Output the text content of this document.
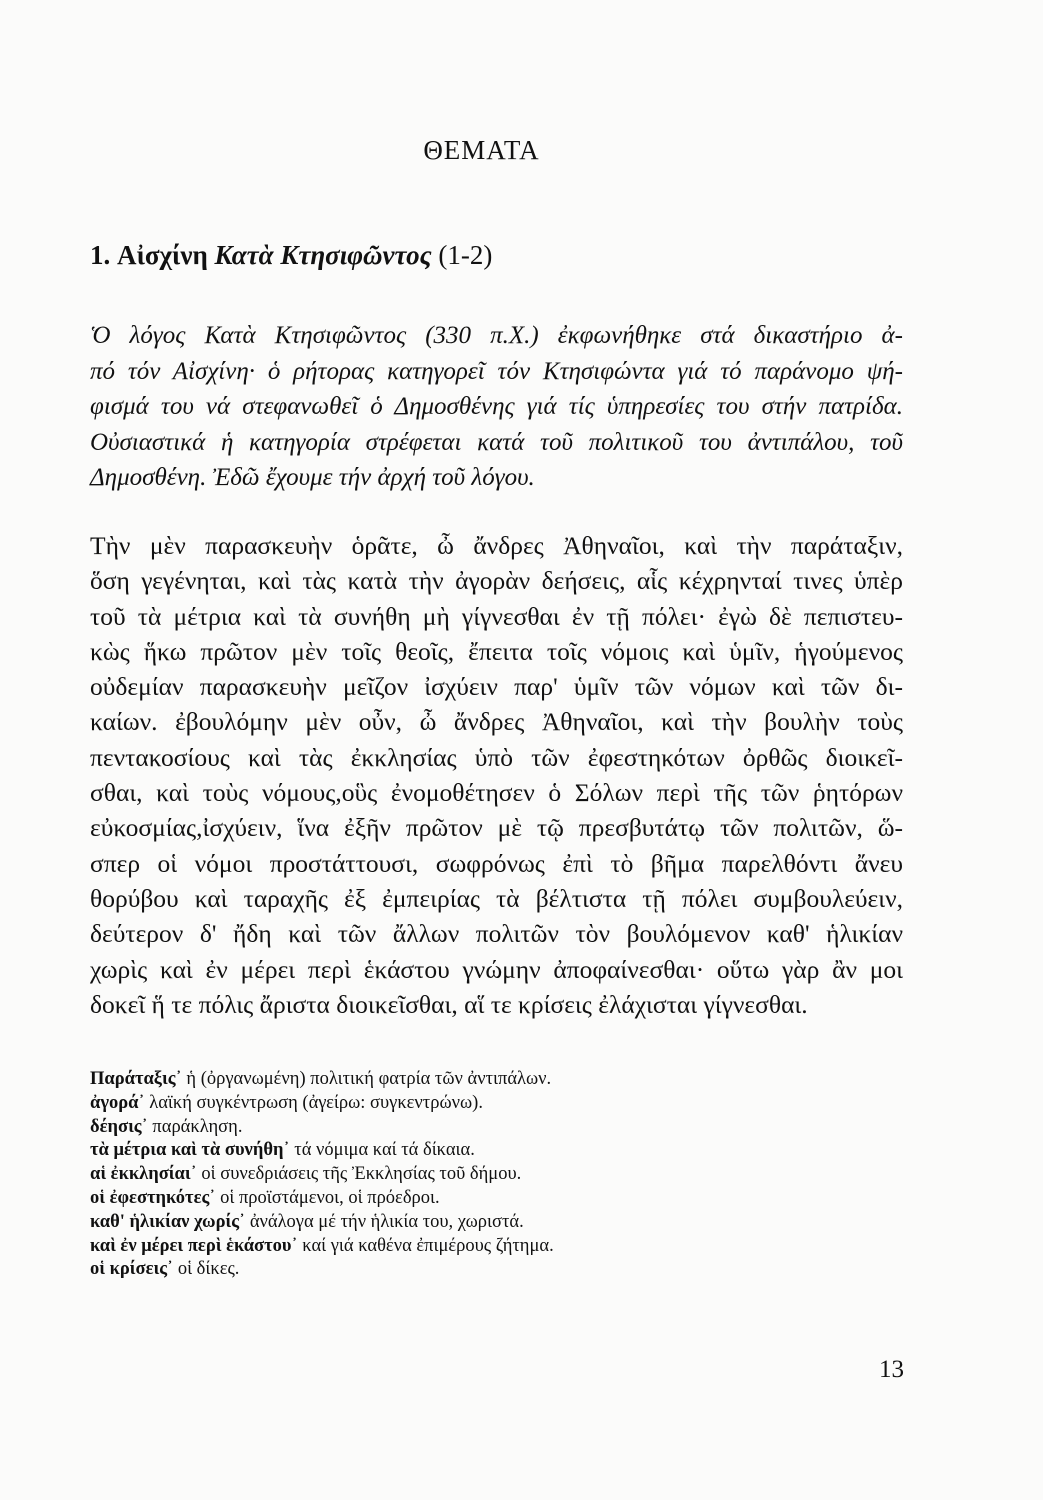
ΘΕΜΑΤΑ
1. Αἰσχίνη Κατὰ Κτησιφῶντος (1-2)
Ὁ λόγος Κατὰ Κτησιφῶντος (330 π.Χ.) ἐκφωνήθηκε στά δικαστήριο ἀ-
πό τόν Αἰσχίνη· ὁ ρήτορας κατηγορεῖ τόν Κτησιφώντα γιά τό παράνομο ψή-
φισμά του νά στεφανωθεῖ ὁ Δημοσθένης γιά τίς ὑπηρεσίες του στήν πατρίδα.
Οὐσιαστικά ἡ κατηγορία στρέφεται κατά τοῦ πολιτικοῦ του ἀντιπάλου, τοῦ
Δημοσθένη. Ἐδῶ ἔχουμε τήν ἀρχή τοῦ λόγου.
Τὴν μὲν παρασκευὴν ὁρᾶτε, ὦ ἄνδρες Ἀθηναῖοι, καὶ τὴν παράταξιν,
ὅση γεγένηται, καὶ τὰς κατὰ τὴν ἀγορὰν δεήσεις, αἷς κέχρηνταί τινες ὑπὲρ
τοῦ τὰ μέτρια καὶ τὰ συνήθη μὴ γίγνεσθαι ἐν τῇ πόλει· ἐγὼ δὲ πεπιστευ-
κὼς ἥκω πρῶτον μὲν τοῖς θεοῖς, ἔπειτα τοῖς νόμοις καὶ ὑμῖν, ἡγούμενος
οὐδεμίαν παρασκευὴν μεῖζον ἰσχύειν παρ' ὑμῖν τῶν νόμων καὶ τῶν δι-
καίων. ἐβουλόμην μὲν οὖν, ὦ ἄνδρες Ἀθηναῖοι, καὶ τὴν βουλὴν τοὺς
πεντακοσίους καὶ τὰς ἐκκλησίας ὑπὸ τῶν ἐφεστηκότων ὀρθῶς διοικεῖ-
σθαι, καὶ τοὺς νόμους,οὓς ἐνομοθέτησεν ὁ Σόλων περὶ τῆς τῶν ῥητόρων
εὐκοσμίας,ἰσχύειν, ἵνα ἐξῆν πρῶτον μὲ τῷ πρεσβυτάτῳ τῶν πολιτῶν, ὥ-
σπερ οἱ νόμοι προστάττουσι, σωφρόνως ἐπὶ τὸ βῆμα παρελθόντι ἄνευ
θορύβου καὶ ταραχῆς ἐξ ἐμπειρίας τὰ βέλτιστα τῇ πόλει συμβουλεύειν,
δεύτερον δ' ἤδη καὶ τῶν ἄλλων πολιτῶν τὸν βουλόμενον καθ' ἡλικίαν
χωρὶς καὶ ἐν μέρει περὶ ἑκάστου γνώμην ἀποφαίνεσθαι· οὕτω γὰρ ἂν μοι
δοκεῖ ἥ τε πόλις ἄριστα διοικεῖσθαι, αἵ τε κρίσεις ἐλάχισται γίγνεσθαι.
Παράταξις᾿ ἡ (ὀργανωμένη) πολιτική φατρία τῶν ἀντιπάλων.
ἀγορά᾿ λαϊκή συγκέντρωση (ἀγείρω: συγκεντρώνω).
δέησις᾿ παράκληση.
τὰ μέτρια καὶ τὰ συνήθη᾿ τά νόμιμα καί τά δίκαια.
αἱ ἐκκλησίαι᾿ οἱ συνεδριάσεις τῆς Ἐκκλησίας τοῦ δήμου.
οἱ ἐφεστηκότες᾿ οἱ προϊστάμενοι, οἱ πρόεδροι.
καθ' ἡλικίαν χωρίς᾿ ἀνάλογα μέ τήν ἡλικία του, χωριστά.
καὶ ἐν μέρει περὶ ἑκάστου᾿ καί γιά καθένα ἐπιμέρους ζήτημα.
οἱ κρίσεις᾿ οἱ δίκες.
13
